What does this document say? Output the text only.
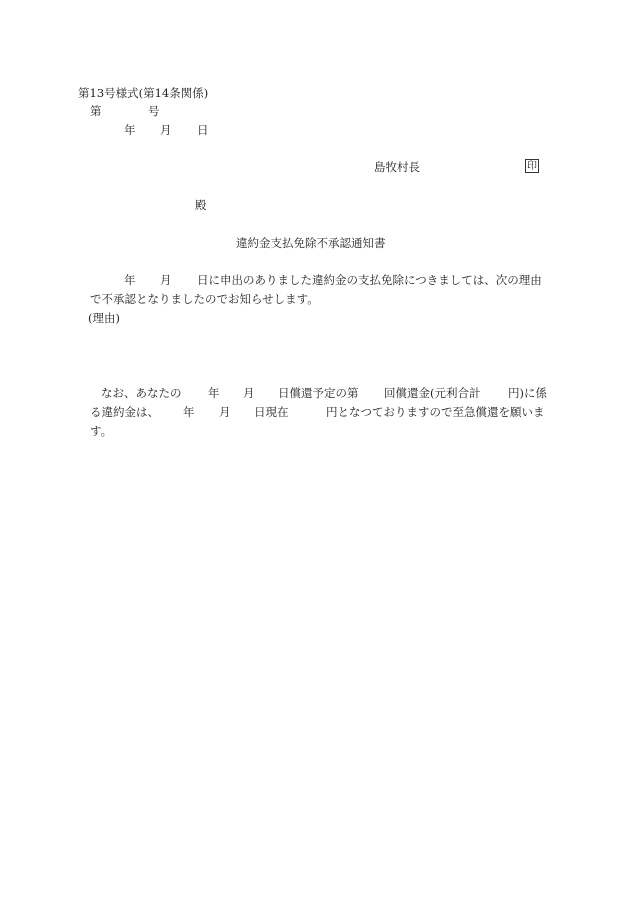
第13号様式(第14条関係)
第	号
年 月 日
島牧村長	印
殿
違約金支払免除不承認通知書
年 月 日に申出のありました違約金の支払免除につきましては、次の理由
で不承認となりましたのでお知らせします。
(理由)
なお、あなたの 年 月 日償還予定の第 回償還金(元利合計 円)に係
る違約金は、 年 月 日現在	円となつておりますので至急償還を願いま
す。
